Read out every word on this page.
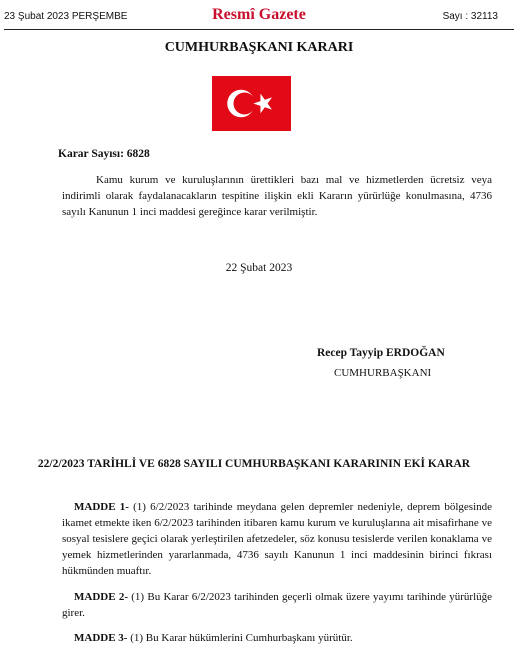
23 Şubat 2023 PERŞEMBE	Resmî Gazete	Sayı : 32113
CUMHURBAŞKANI KARARI
Karar Sayısı: 6828

Kamu kurum ve kuruluşlarının ürettikleri bazı mal ve hizmetlerden ücretsiz veya indirimli olarak faydalanacakların tespitine ilişkin ekli Kararın yürürlüğe konulmasına, 4736 sayılı Kanunun 1 inci maddesi gereğince karar verilmiştir.

22 Şubat 2023
Recep Tayyip ERDOĞAN
CUMHURBAŞKANI

22/2/2023 TARİHLİ VE 6828 SAYILI CUMHURBAŞKANI KARARININ EKİ KARAR

MADDE 1- (1) 6/2/2023 tarihinde meydana gelen depremler nedeniyle, deprem bölgesinde ikamet etmekte iken 6/2/2023 tarihinden itibaren kamu kurum ve kuruluşlarına ait misafirhane ve sosyal tesislere geçici olarak yerleştirilen afetzedeler, söz konusu tesislerde verilen konaklama ve yemek hizmetlerinden yararlanmada, 4736 sayılı Kanunun 1 inci maddesinin birinci fıkrası hükmünden muaftır.

MADDE 2- (1) Bu Karar 6/2/2023 tarihinden geçerli olmak üzere yayımı tarihinde yürürlüğe girer.

MADDE 3- (1) Bu Karar hükümlerini Cumhurbaşkanı yürütür.
